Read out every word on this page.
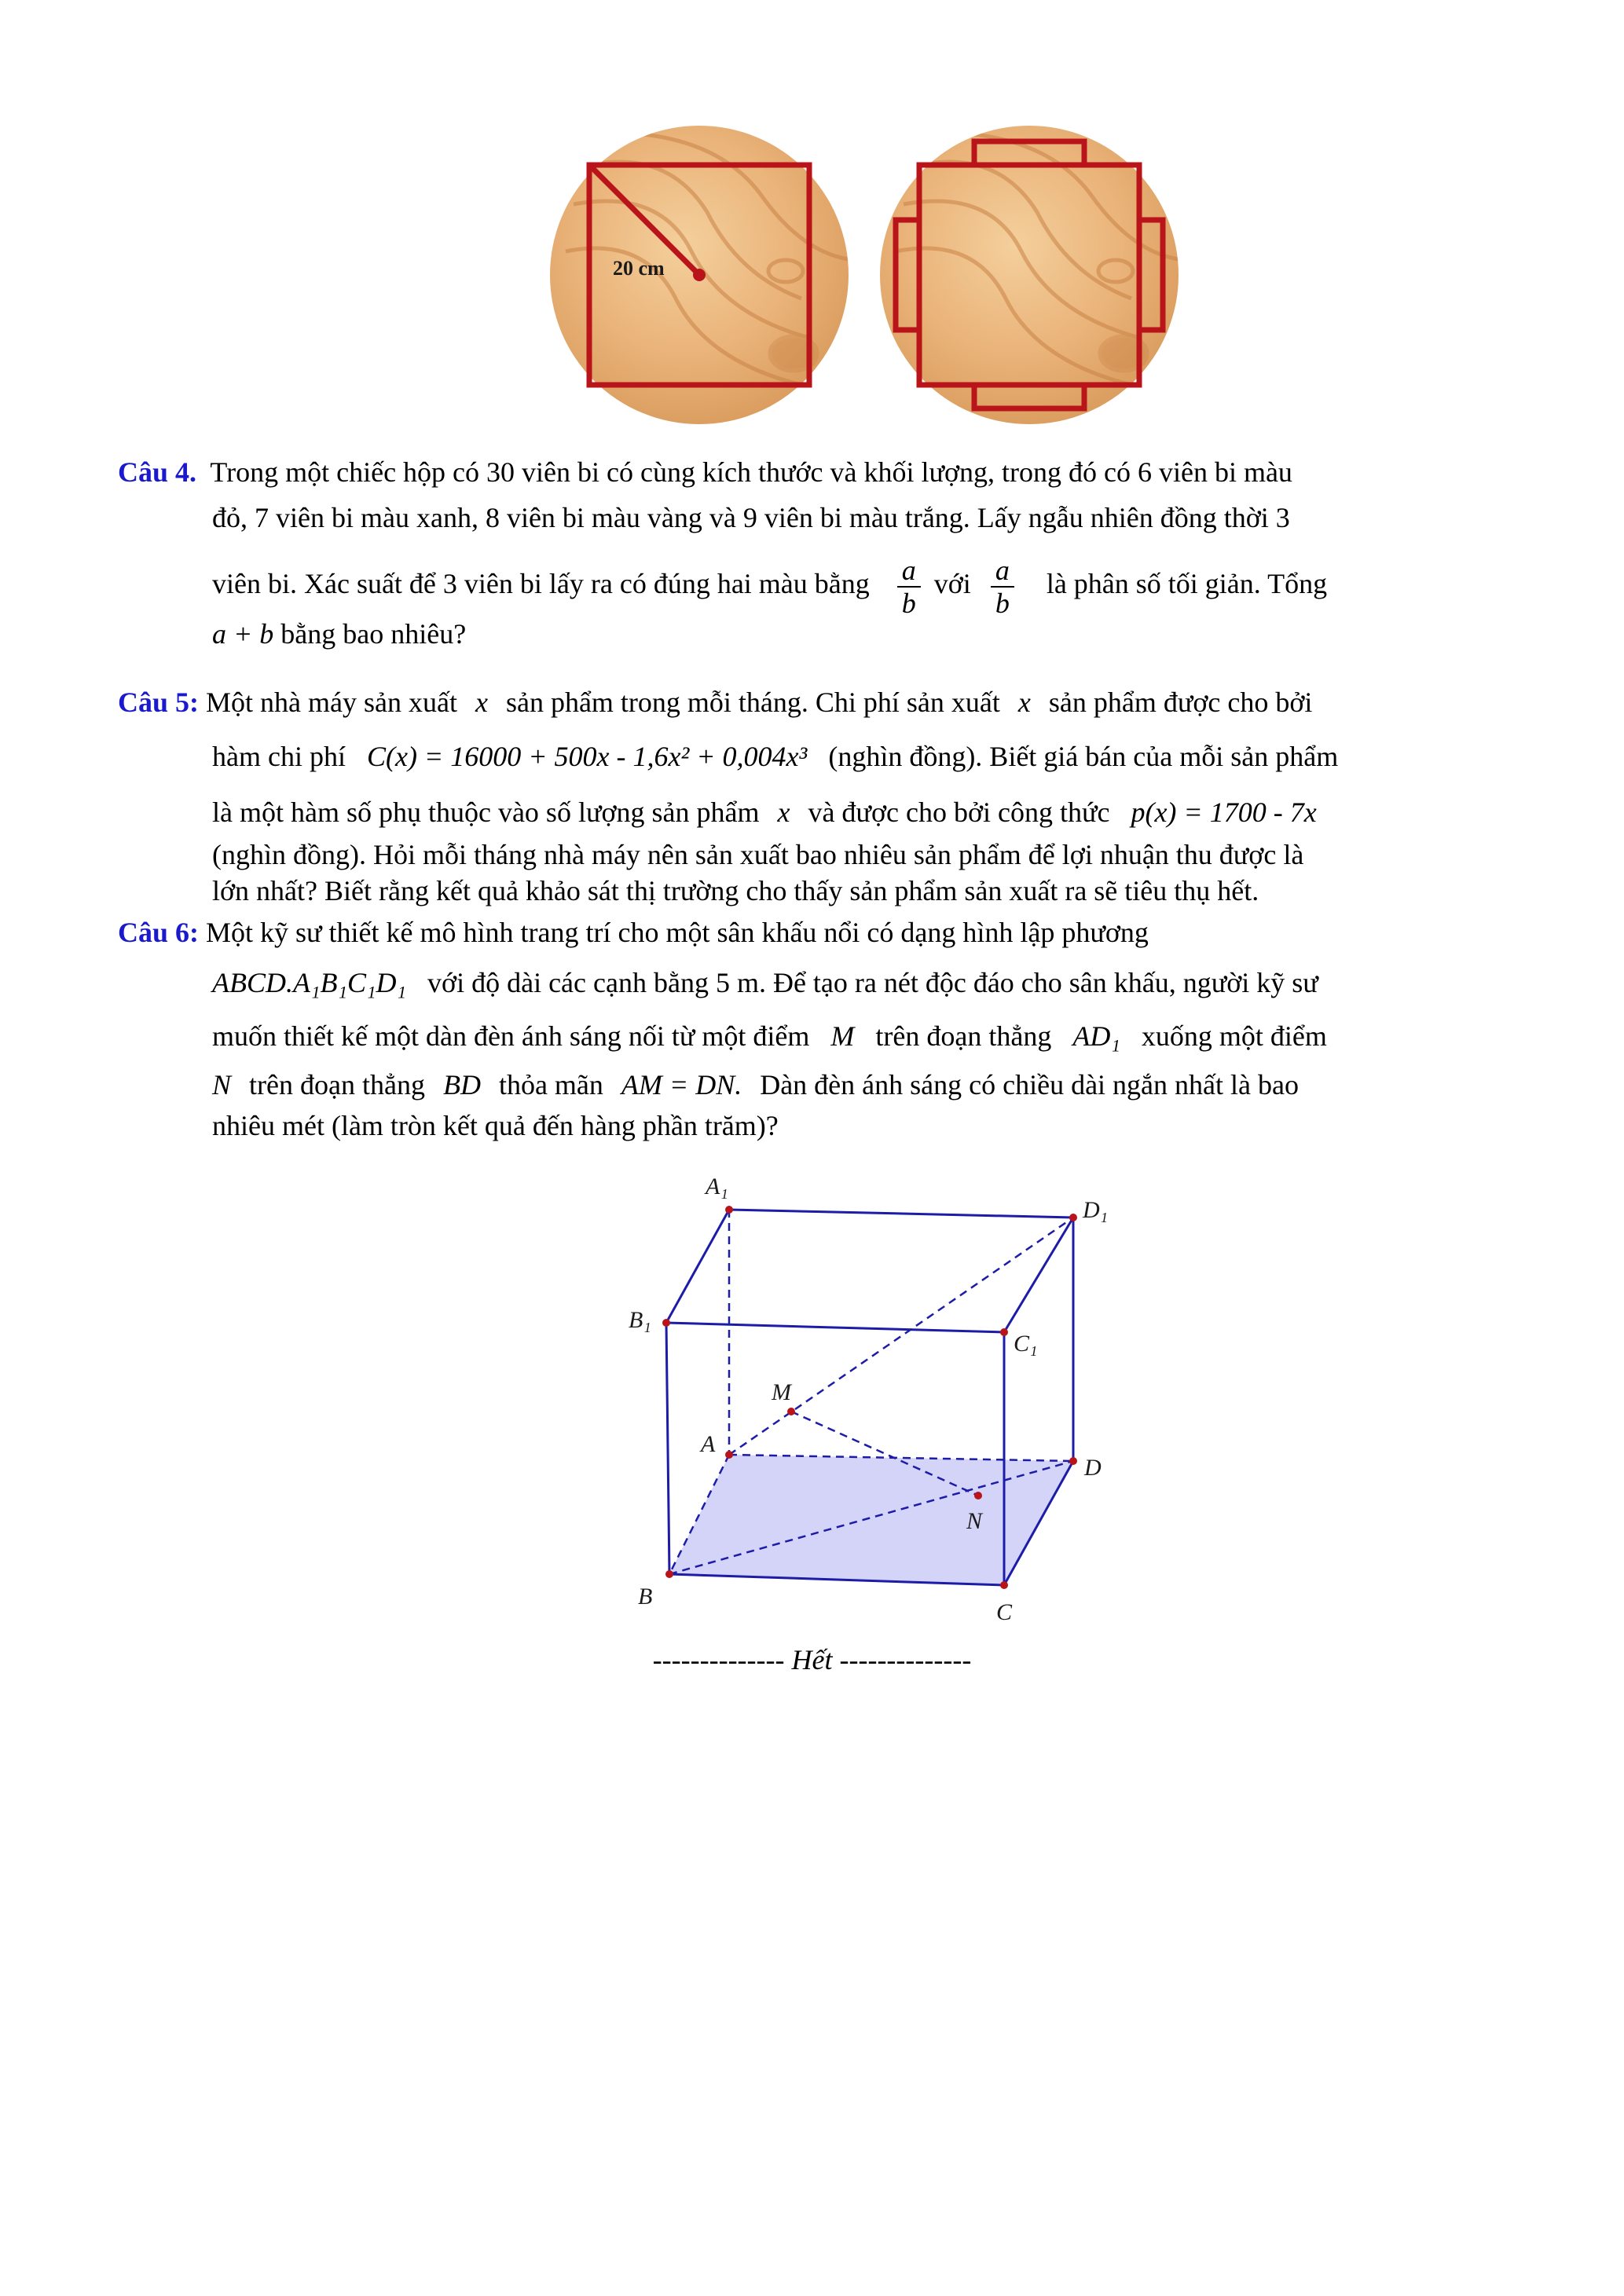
20 cm
Câu 4. Trong một chiếc hộp có 30 viên bi có cùng kích thước và khối lượng, trong đó có 6 viên bi màu
đỏ, 7 viên bi màu xanh, 8 viên bi màu vàng và 9 viên bi màu trắng. Lấy ngẫu nhiên đồng thời 3
viên bi. Xác suất để 3 viên bi lấy ra có đúng hai màu bằng $\frac{a}{b}$ với $\frac{a}{b}$ là phân số tối giản. Tổng
a + b bằng bao nhiêu?
Câu 5: Một nhà máy sản xuất x sản phẩm trong mỗi tháng. Chi phí sản xuất x sản phẩm được cho bởi
hàm chi phí C(x) = 16000 + 500x - 1,6x² + 0,004x³ (nghìn đồng). Biết giá bán của mỗi sản phẩm
là một hàm số phụ thuộc vào số lượng sản phẩm x và được cho bởi công thức p(x) = 1700 - 7x
(nghìn đồng). Hỏi mỗi tháng nhà máy nên sản xuất bao nhiêu sản phẩm để lợi nhuận thu được là
lớn nhất? Biết rằng kết quả khảo sát thị trường cho thấy sản phẩm sản xuất ra sẽ tiêu thụ hết.
Câu 6: Một kỹ sư thiết kế mô hình trang trí cho một sân khấu nổi có dạng hình lập phương
ABCD.A₁B₁C₁D₁ với độ dài các cạnh bằng 5 m. Để tạo ra nét độc đáo cho sân khấu, người kỹ sư
muốn thiết kế một dàn đèn ánh sáng nối từ một điểm M trên đoạn thẳng AD₁ xuống một điểm
N trên đoạn thẳng BD thỏa mãn AM = DN. Dàn đèn ánh sáng có chiều dài ngắn nhất là bao
nhiêu mét (làm tròn kết quả đến hàng phần trăm)?
A₁
D₁
B₁
C₁
M
A
D
N
B
C
-------------- Hết --------------
